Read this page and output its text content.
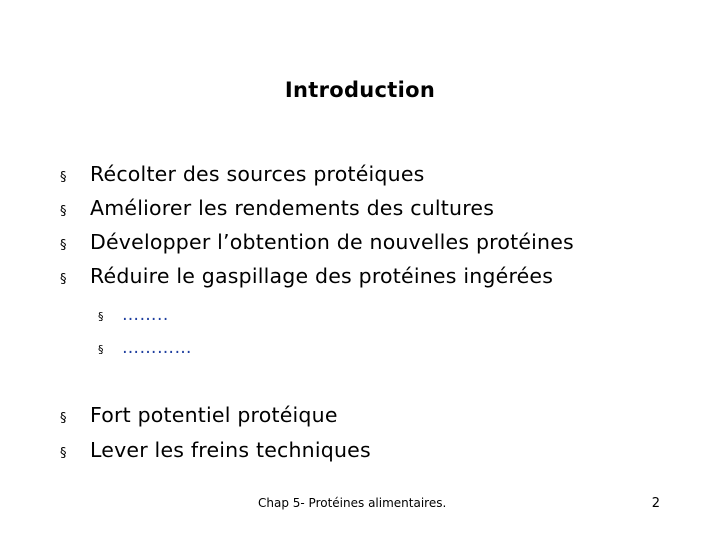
Introduction
§	Récolter des sources protéiques
§	Améliorer les rendements des cultures
§	Développer l’obtention de nouvelles protéines
§	Réduire le gaspillage des protéines ingérées
§	……..
§	…………
§	Fort potentiel protéique
§	Lever les freins techniques
Chap 5- Protéines alimentaires.	2
